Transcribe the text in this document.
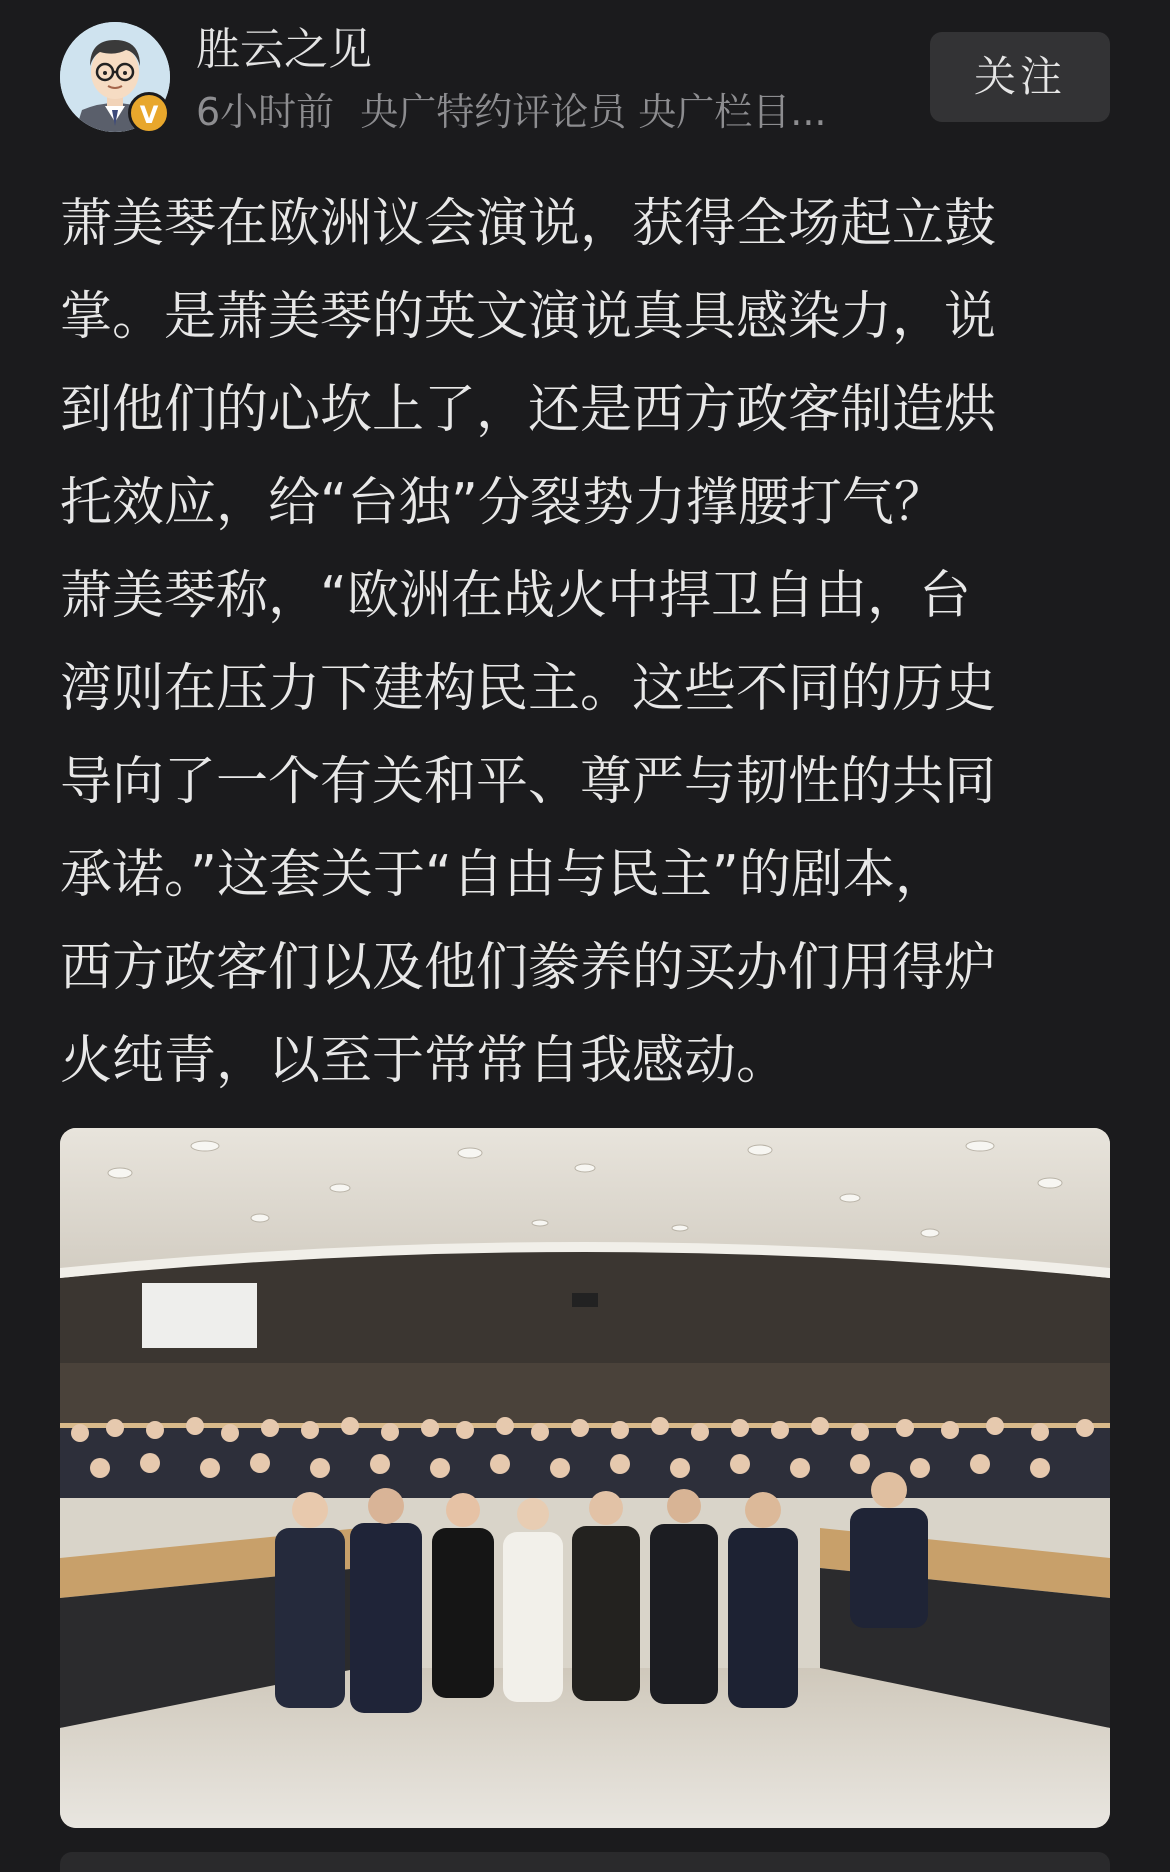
V
胜云之见
6小时前 央广特约评论员 央广栏目...
关注
萧美琴在欧洲议会演说，获得全场起立鼓
掌。是萧美琴的英文演说真具感染力，说
到他们的心坎上了，还是西方政客制造烘
托效应，给“台独”分裂势力撑腰打气？
萧美琴称，“欧洲在战火中捍卫自由，台
湾则在压力下建构民主。这些不同的历史
导向了一个有关和平、尊严与韧性的共同
承诺。”这套关于“自由与民主”的剧本，
西方政客们以及他们豢养的买办们用得炉
火纯青，以至于常常自我感动。
